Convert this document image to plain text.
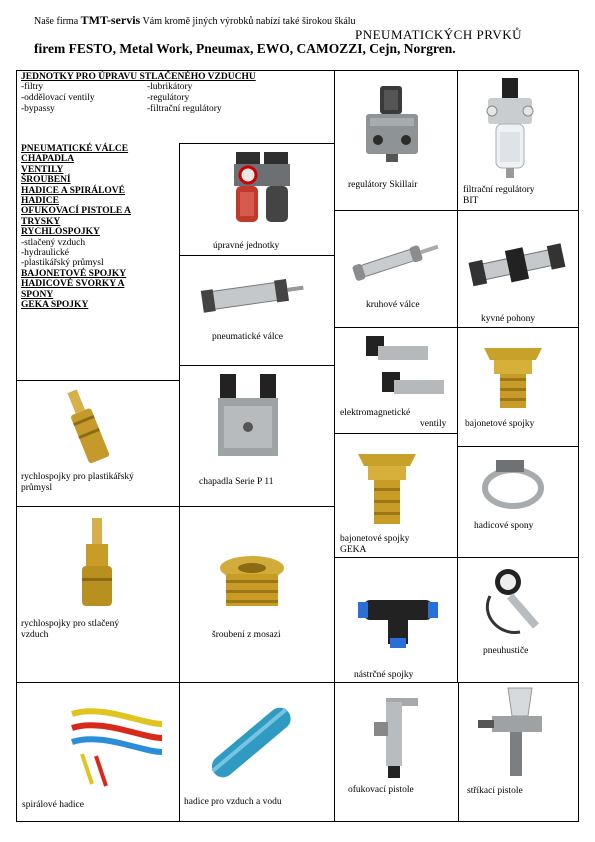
Naše firma TMT-servis Vám kromě jiných výrobků nabízí také širokou škálu
PNEUMATICKÝCH PRVKŮ
firem FESTO, Metal Work, Pneumax, EWO, CAMOZZI, Cejn, Norgren.
JEDNOTKY PRO ÚPRAVU STLAČENÉHO VZDUCHU
-filtry	-lubrikátory
-oddělovací ventily	-regulátory
-bypassy	-filtrační regulátory
PNEUMATICKÉ VÁLCE
CHAPADLA
VENTILY
ŠROUBENÍ
HADICE A SPIRÁLOVÉ
HADICE
OFUKOVACÍ PISTOLE A
TRYSKY
RYCHLOSPOJKY
-stlačený vzduch
-hydraulické
-plastikářský průmysl
BAJONETOVÉ SPOJKY
HADICOVÉ SVORKY A
SPONY
GEKA SPOJKY
regulátory Skillair	filtrační regulátory
BIT
úpravné jednotky
kruhové válce
kyvné pohony
pneumatické válce
elektromagnetické
ventily bajonetové spojky
chapadla Serie P 11
rychlospojky pro plastikářský
průmysl
bajonetové spojky
GEKA
hadicové spony
rychlospojky pro stlačený
vzduch	šroubení z mosazi
nástrčné spojky
pneuhustiče
spirálové hadice	hadice pro vzduch a vodu
ofukovací pistole	stříkací pistole
